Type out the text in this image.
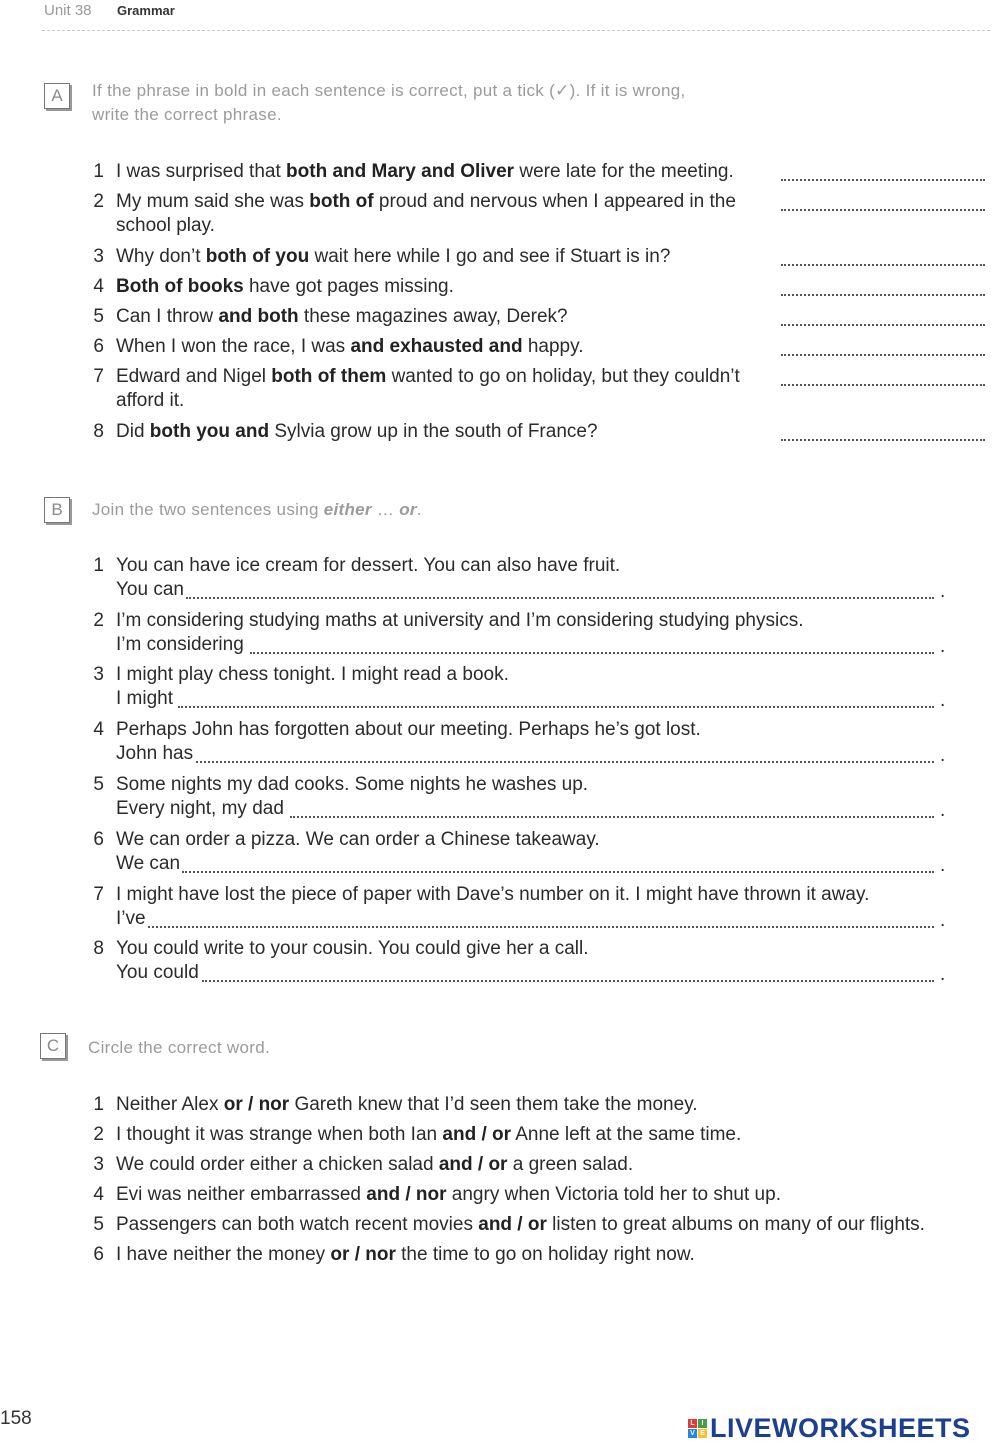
Unit 38 Grammar
A	If the phrase in bold in each sentence is correct, put a tick (✓). If it is wrong,
write the correct phrase.
1 I was surprised that both and Mary and Oliver were late for the meeting.
2 My mum said she was both of proud and nervous when I appeared in the
school play.
3 Why don’t both of you wait here while I go and see if Stuart is in?
4 Both of books have got pages missing.
5 Can I throw and both these magazines away, Derek?
6 When I won the race, I was and exhausted and happy.
7 Edward and Nigel both of them wanted to go on holiday, but they couldn’t
afford it.
8 Did both you and Sylvia grow up in the south of France?
B	Join the two sentences using either … or.
1 You can have ice cream for dessert. You can also have fruit.
You can	.
2 I’m considering studying maths at university and I’m considering studying physics.
I’m considering	.
3 I might play chess tonight. I might read a book.
I might	.
4 Perhaps John has forgotten about our meeting. Perhaps he’s got lost.
John has	.
5 Some nights my dad cooks. Some nights he washes up.
Every night, my dad	.
6 We can order a pizza. We can order a Chinese takeaway.
We can	.
7 I might have lost the piece of paper with Dave’s number on it. I might have thrown it away.
I’ve	.
8 You could write to your cousin. You could give her a call.
You could	.
C	Circle the correct word.
1 Neither Alex or / nor Gareth knew that I’d seen them take the money.
2 I thought it was strange when both Ian and / or Anne left at the same time.
3 We could order either a chicken salad and / or a green salad.
4 Evi was neither embarrassed and / nor angry when Victoria told her to shut up.
5 Passengers can both watch recent movies and / or listen to great albums on many of our flights.
6 I have neither the money or / nor the time to go on holiday right now.
158	L I
V E LIVEWORKSHEETS
